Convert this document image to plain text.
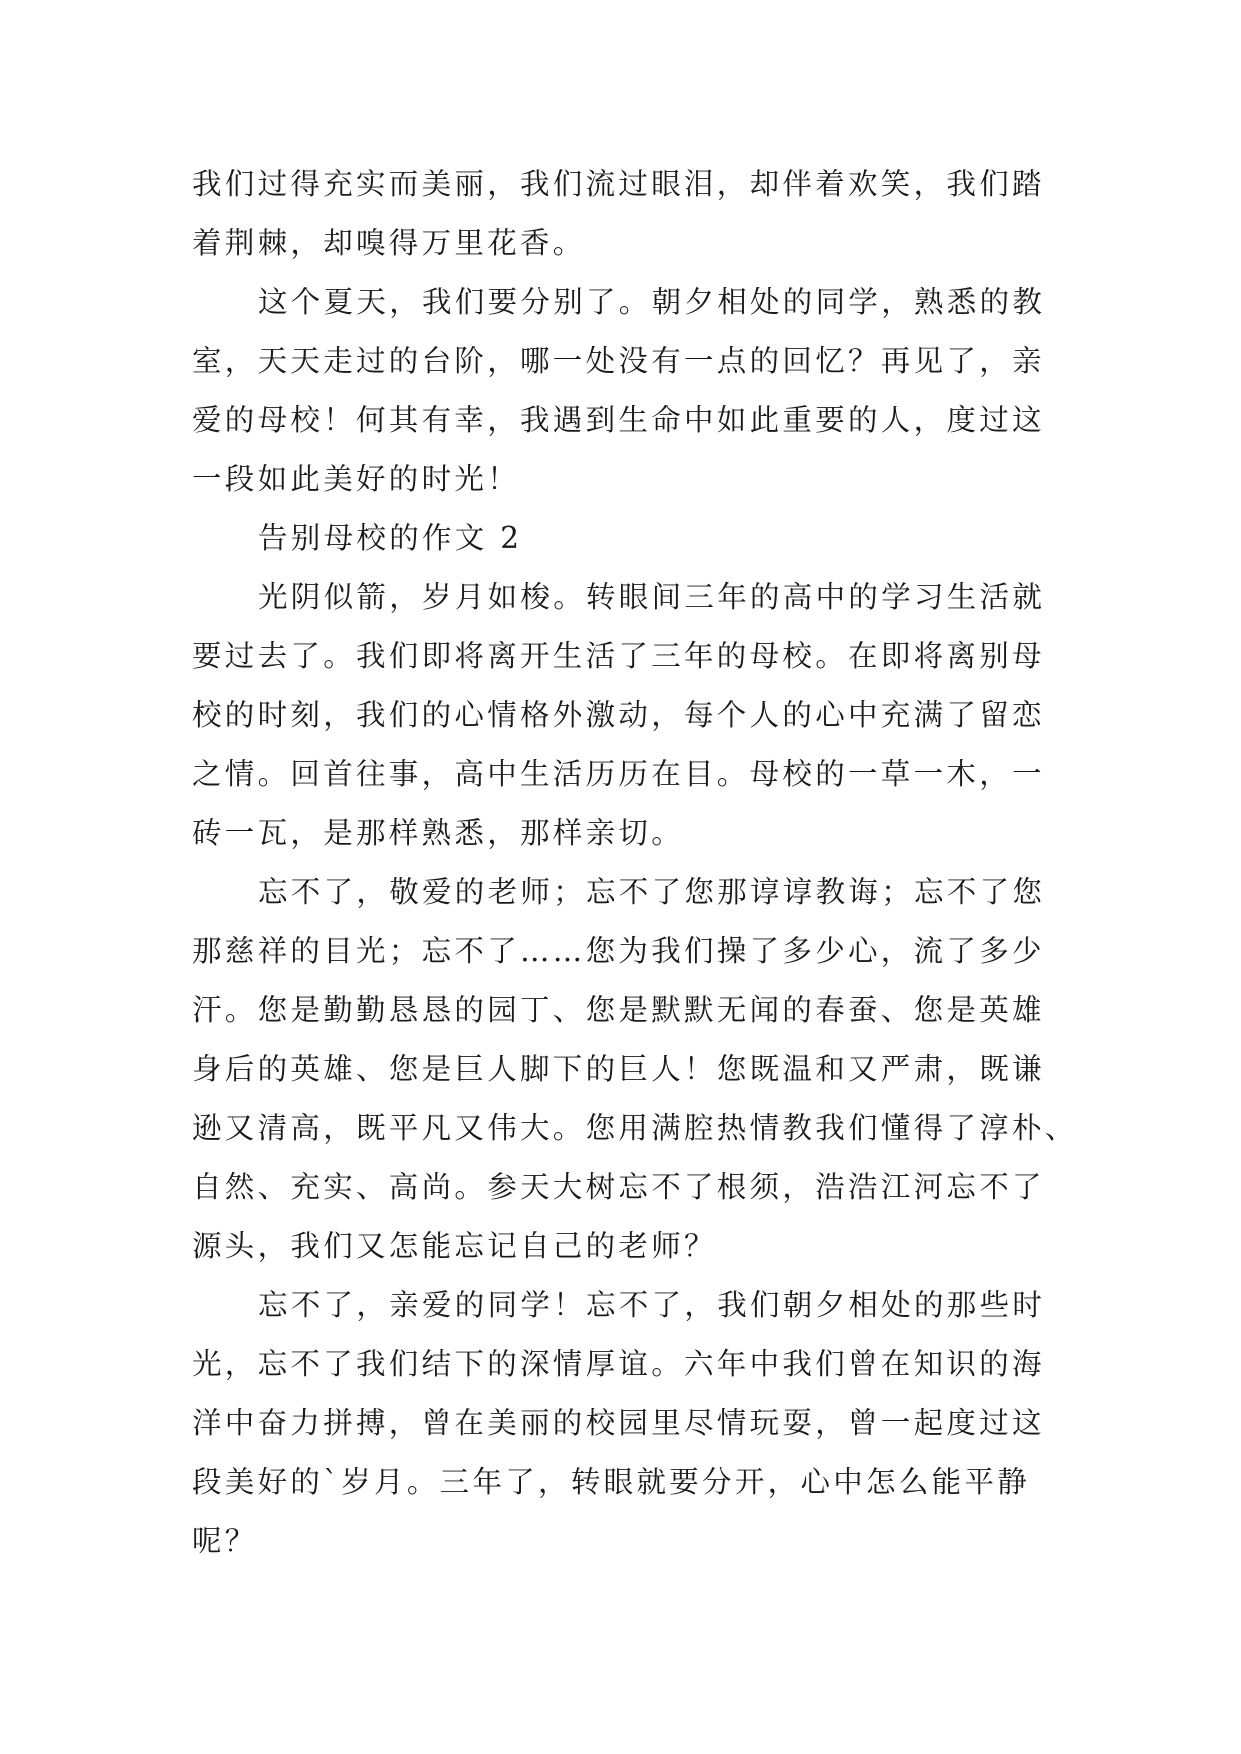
我们过得充实而美丽，我们流过眼泪，却伴着欢笑，我们踏
着荆棘，却嗅得万里花香。
这个夏天，我们要分别了。朝夕相处的同学，熟悉的教
室，天天走过的台阶，哪一处没有一点的回忆？再见了，亲
爱的母校！何其有幸，我遇到生命中如此重要的人，度过这
一段如此美好的时光！
告别母校的作文 2
光阴似箭，岁月如梭。转眼间三年的高中的学习生活就
要过去了。我们即将离开生活了三年的母校。在即将离别母
校的时刻，我们的心情格外激动，每个人的心中充满了留恋
之情。回首往事，高中生活历历在目。母校的一草一木，一
砖一瓦，是那样熟悉，那样亲切。
忘不了，敬爱的老师；忘不了您那谆谆教诲；忘不了您
那慈祥的目光；忘不了……您为我们操了多少心，流了多少
汗。您是勤勤恳恳的园丁、您是默默无闻的春蚕、您是英雄
身后的英雄、您是巨人脚下的巨人！您既温和又严肃，既谦
逊又清高，既平凡又伟大。您用满腔热情教我们懂得了淳朴、
自然、充实、高尚。参天大树忘不了根须，浩浩江河忘不了
源头，我们又怎能忘记自己的老师？
忘不了，亲爱的同学！忘不了，我们朝夕相处的那些时
光，忘不了我们结下的深情厚谊。六年中我们曾在知识的海
洋中奋力拼搏，曾在美丽的校园里尽情玩耍，曾一起度过这
段美好的`岁月。三年了，转眼就要分开，心中怎么能平静
呢？
